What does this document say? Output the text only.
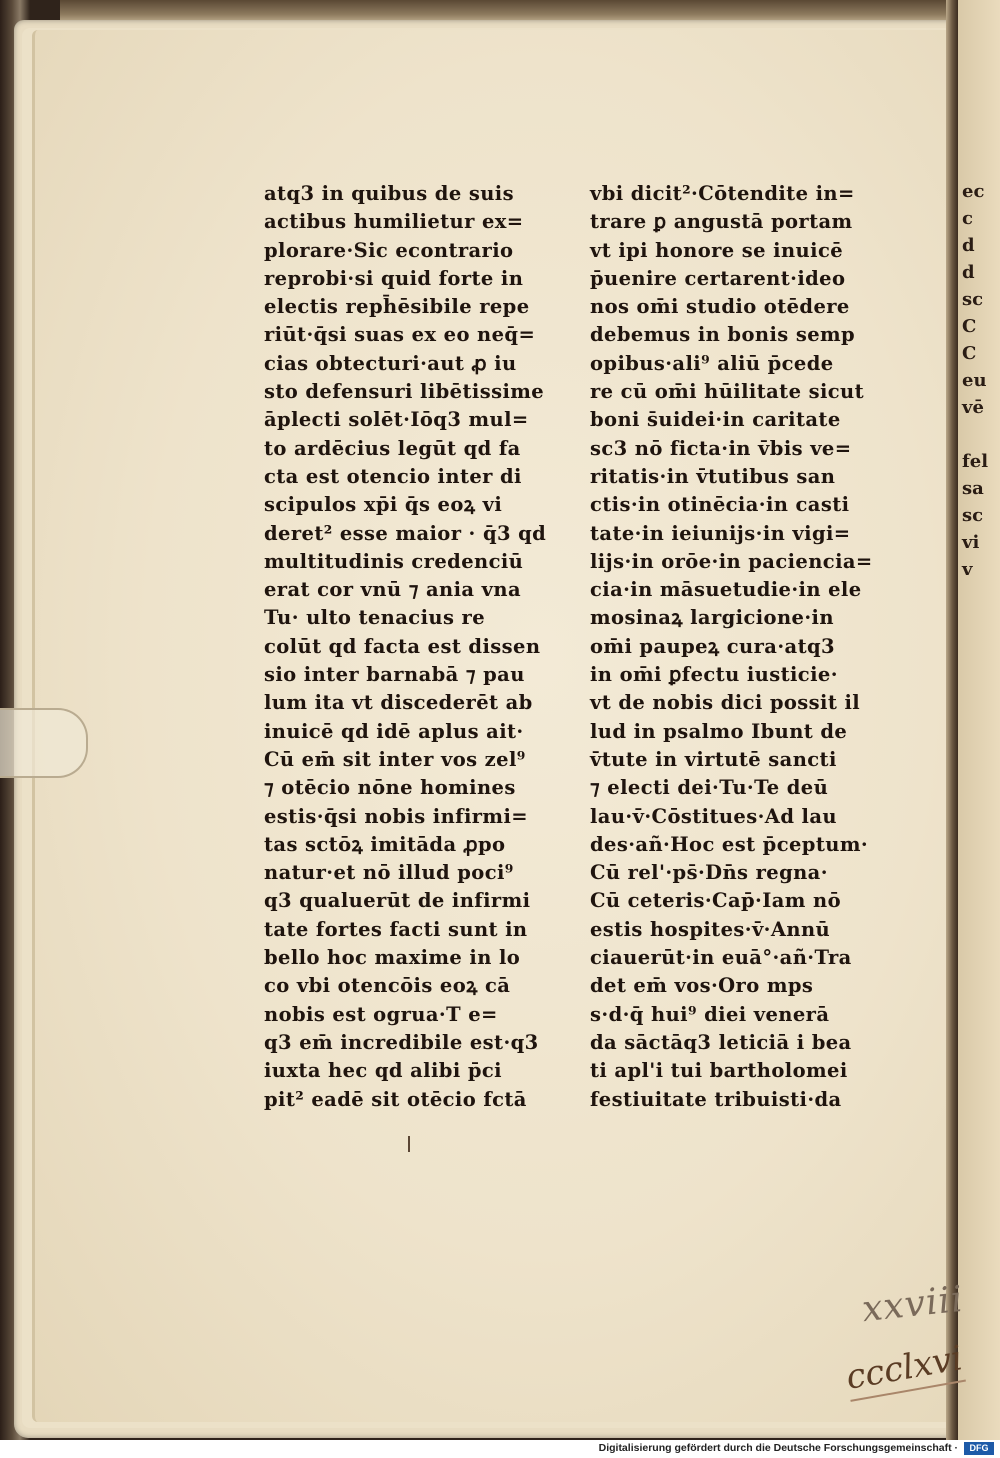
ec
c
d
d
sc
C
C
eu
vē
fel
sa
sc
vi
v
atq3 in quibus de suis
actibus humilietur ex=
plorare·Sic econtrario
reprobi·si quid forte in
electis reph̄ēsibile repe
riūt·q̄si suas ex eo neq̄=
cias obtecturi·aut ꝓ iu
sto defensuri libētissime
āplecti solēt·Iōq3 mul=
to ardēcius legūt qd fa
cta est otencio inter di
scipulos xp̄i q̄s eoꝝ vi
deret² esse maior · q̄3 qd
multitudinis credenciū
erat cor vnū ⁊ ania vna
Tu· ulto tenacius re
colūt qd facta est dissen
sio inter barnabā ⁊ pau
lum ita vt discederēt ab
inuicē qd idē aplus ait·
Cū em̄ sit inter vos zel⁹
⁊ otēcio nōne homines
estis·q̄si nobis infirmi=
tas sctōꝝ imitāda ꝓpo
natur·et nō illud poci⁹
q3 qualuerūt de infirmi
tate fortes facti sunt in
bello hoc maxime in lo
co vbi otencōis eoꝝ cā
nobis est ogrua·T e=
q3 em̄ incredibile est·q3
iuxta hec qd alibi p̄ci
pit² eadē sit otēcio fctā
vbi dicit²·Cōtendite in=
trare ꝑ angustā portam
vt ipi honore se inuicē
p̄uenire certarent·ideo
nos om̄i studio otēdere
debemus in bonis semp
opibus·ali⁹ aliū p̄cede
re cū om̄i hūilitate sicut
boni s̄uidei·in caritate
sc3 nō ficta·in v̄bis ve=
ritatis·in v̄tutibus san
ctis·in otinēcia·in casti
tate·in ieiunijs·in vigi=
lijs·in orōe·in paciencia=
cia·in māsuetudie·in ele
mosinaꝝ largicione·in
om̄i paupeꝝ cura·atq3
in om̄i ꝑfectu iusticie·
vt de nobis dici possit il
lud in psalmo Ibunt de
v̄tute in virtutē sancti
⁊ electi dei·Tu·Te deū
lau·v̄·Cōstitues·Ad lau
des·añ·Hoc est p̄ceptum·
Cū rel'·ps̄·Dn̄s regna·
Cū ceteris·Cap̄·Iam nō
estis hospites·v̄·Annū
ciauerūt·in euā°·añ·Tra
det em̄ vos·Oro mps
s·d·q̄ hui⁹ diei venerā
da sāctāq3 leticiā i bea
ti apl'i tui bartholomei
festiuitate tribuisti·da
xxviii
ccclxvi
Digitalisierung gefördert durch die Deutsche Forschungsgemeinschaft ·	DFG
